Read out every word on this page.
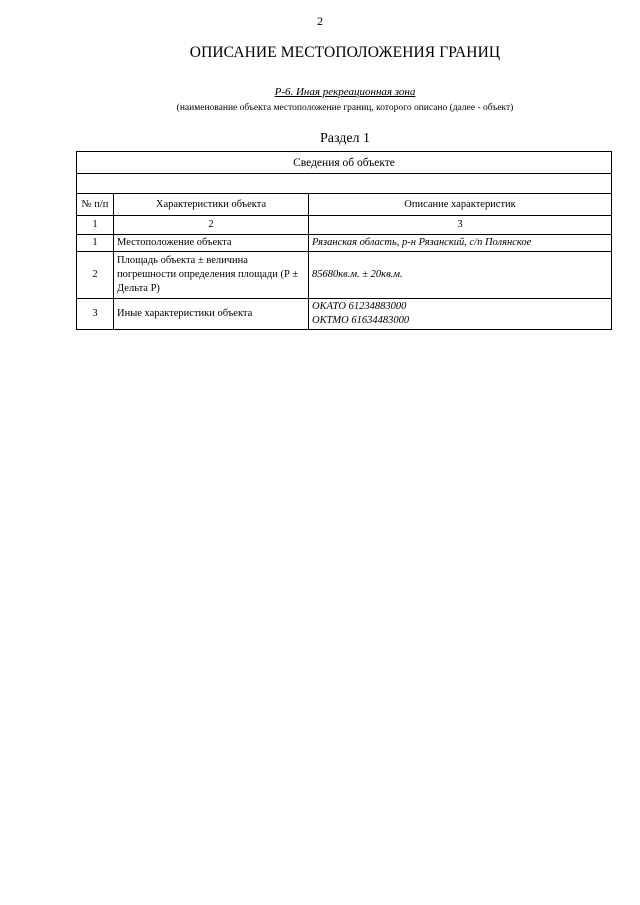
2
ОПИСАНИЕ МЕСТОПОЛОЖЕНИЯ ГРАНИЦ
Р-6. Иная рекреационная зона
(наименование объекта местоположение границ, которого описано (далее - объект)
Раздел 1
Сведения об объекте		

№ п/п	Характеристики объекта	Описание характеристик
1	2	3
1	Местоположение объекта	Рязанская область, р-н Рязанский, с/п Полянское
2	Площадь объекта ± величина погрешности определения площади (Р ± Дельта Р)	85680кв.м. ± 20кв.м.
3	Иные характеристики объекта	ОКАТО 61234883000
ОКТМО 61634483000
